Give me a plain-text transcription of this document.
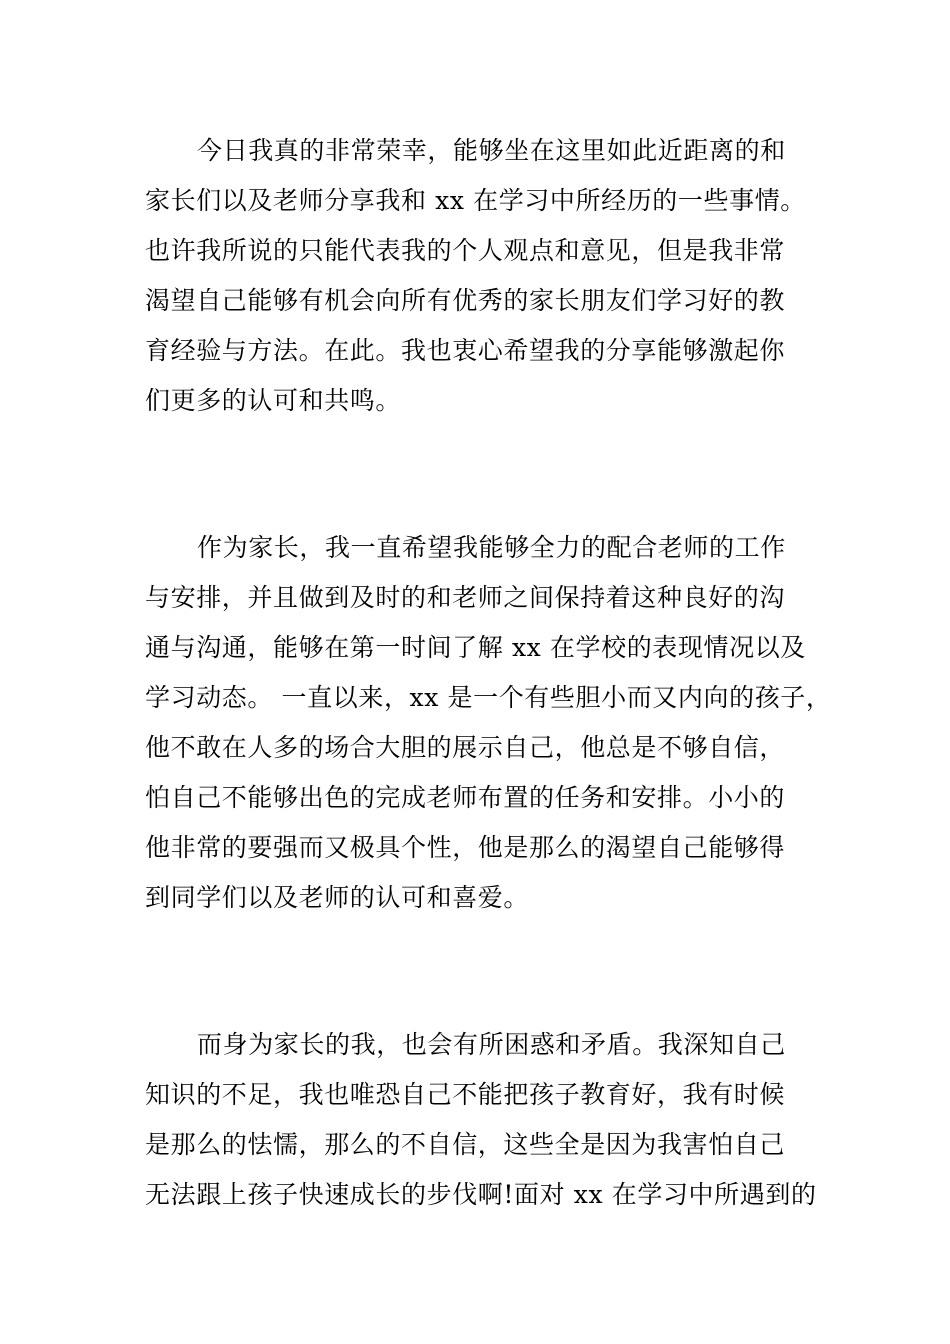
今日我真的非常荣幸，能够坐在这里如此近距离的和
家长们以及老师分享我和 xx 在学习中所经历的一些事情。
也许我所说的只能代表我的个人观点和意见，但是我非常
渴望自己能够有机会向所有优秀的家长朋友们学习好的教
育经验与方法。在此。我也衷心希望我的分享能够激起你
们更多的认可和共鸣。
作为家长，我一直希望我能够全力的配合老师的工作
与安排，并且做到及时的和老师之间保持着这种良好的沟
通与沟通，能够在第一时间了解 xx 在学校的表现情况以及
学习动态。 一直以来，xx 是一个有些胆小而又内向的孩子，
他不敢在人多的场合大胆的展示自己，他总是不够自信，
怕自己不能够出色的完成老师布置的任务和安排。小小的
他非常的要强而又极具个性，他是那么的渴望自己能够得
到同学们以及老师的认可和喜爱。
而身为家长的我，也会有所困惑和矛盾。我深知自己
知识的不足，我也唯恐自己不能把孩子教育好，我有时候
是那么的怯懦，那么的不自信，这些全是因为我害怕自己
无法跟上孩子快速成长的步伐啊!面对 xx 在学习中所遇到的
